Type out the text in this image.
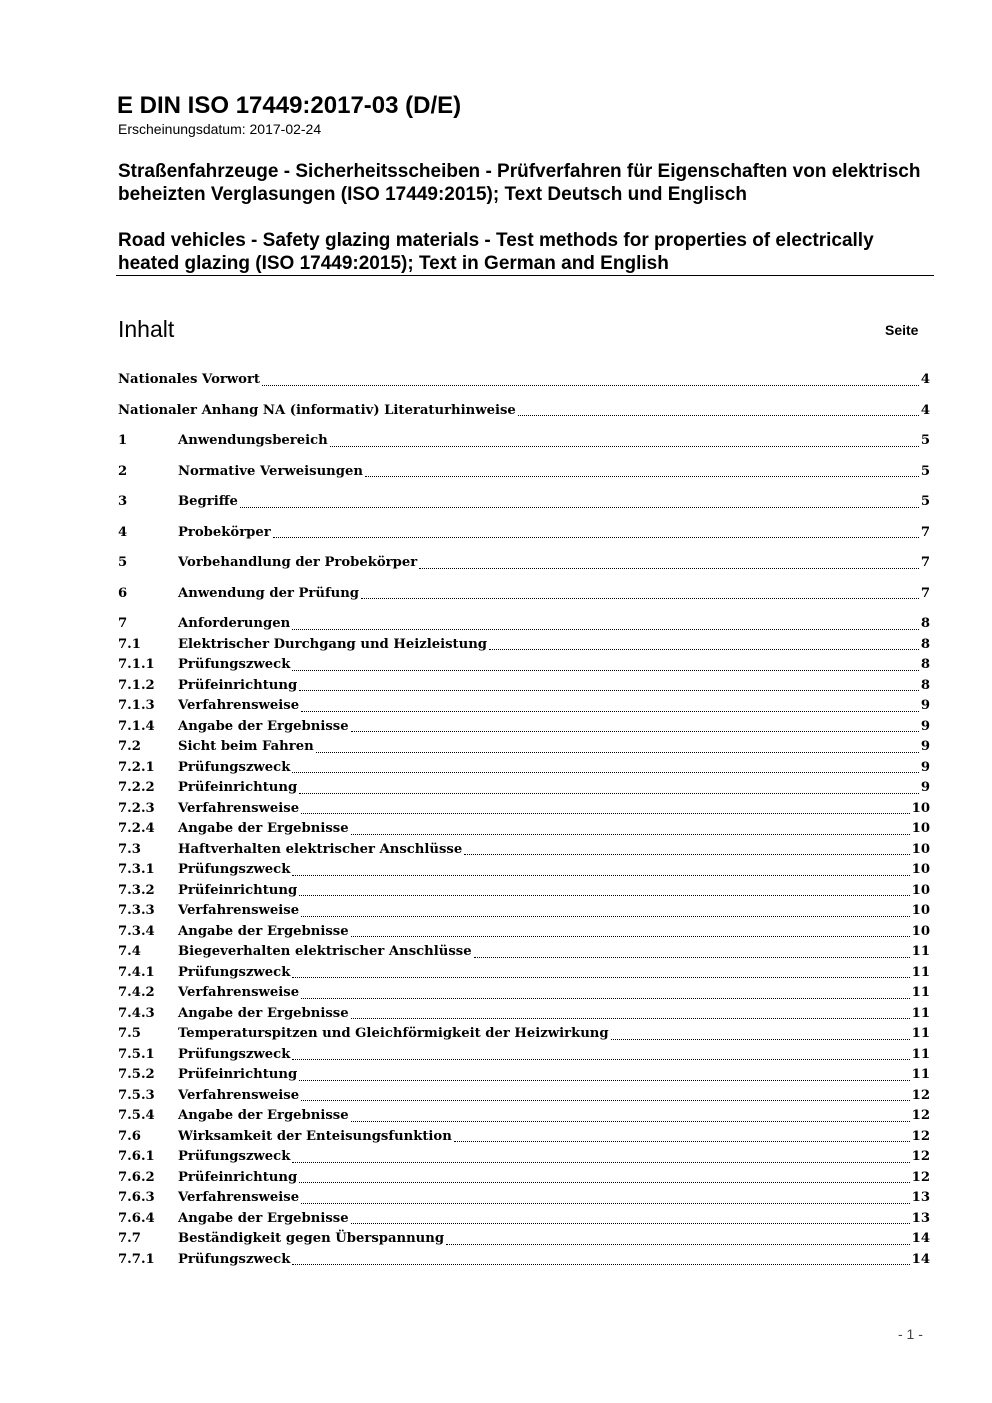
E DIN ISO 17449:2017-03 (D/E)
Erscheinungsdatum: 2017-02-24
Straßenfahrzeuge - Sicherheitsscheiben - Prüfverfahren für Eigenschaften von elektrisch beheizten Verglasungen (ISO 17449:2015); Text Deutsch und Englisch
Road vehicles - Safety glazing materials - Test methods for properties of electrically heated glazing (ISO 17449:2015); Text in German and English
Inhalt	Seite
Nationales Vorwort	4
Nationaler Anhang NA (informativ) Literaturhinweise	4
1	Anwendungsbereich	5
2	Normative Verweisungen	5
3	Begriffe	5
4	Probekörper	7
5	Vorbehandlung der Probekörper	7
6	Anwendung der Prüfung	7
7	Anforderungen	8
7.1	Elektrischer Durchgang und Heizleistung	8
7.1.1	Prüfungszweck	8
7.1.2	Prüfeinrichtung	8
7.1.3	Verfahrensweise	9
7.1.4	Angabe der Ergebnisse	9
7.2	Sicht beim Fahren	9
7.2.1	Prüfungszweck	9
7.2.2	Prüfeinrichtung	9
7.2.3	Verfahrensweise	10
7.2.4	Angabe der Ergebnisse	10
7.3	Haftverhalten elektrischer Anschlüsse	10
7.3.1	Prüfungszweck	10
7.3.2	Prüfeinrichtung	10
7.3.3	Verfahrensweise	10
7.3.4	Angabe der Ergebnisse	10
7.4	Biegeverhalten elektrischer Anschlüsse	11
7.4.1	Prüfungszweck	11
7.4.2	Verfahrensweise	11
7.4.3	Angabe der Ergebnisse	11
7.5	Temperaturspitzen und Gleichförmigkeit der Heizwirkung	11
7.5.1	Prüfungszweck	11
7.5.2	Prüfeinrichtung	11
7.5.3	Verfahrensweise	12
7.5.4	Angabe der Ergebnisse	12
7.6	Wirksamkeit der Enteisungsfunktion	12
7.6.1	Prüfungszweck	12
7.6.2	Prüfeinrichtung	12
7.6.3	Verfahrensweise	13
7.6.4	Angabe der Ergebnisse	13
7.7	Beständigkeit gegen Überspannung	14
7.7.1	Prüfungszweck	14
- 1 -
